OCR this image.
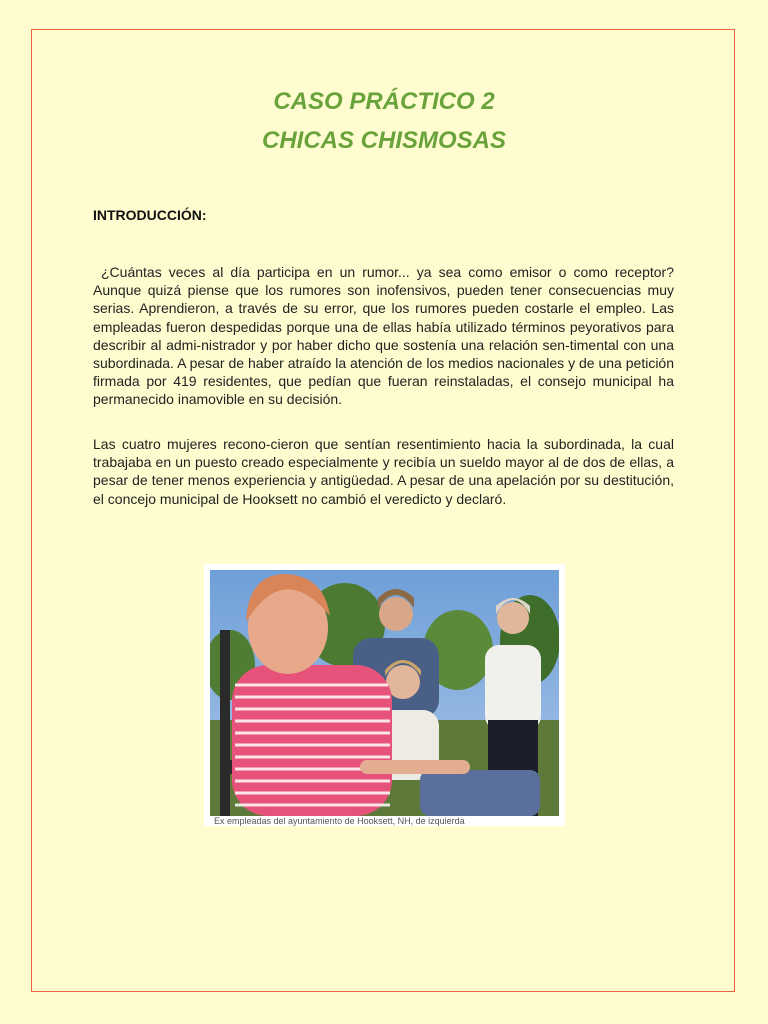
CASO PRÁCTICO 2
CHICAS CHISMOSAS

INTRODUCCIÓN:

¿Cuántas veces al día participa en un rumor... ya sea como emisor o como receptor? Aunque quizá piense que los rumores son inofensivos, pueden tener consecuencias muy serias. Aprendieron, a través de su error, que los rumores pueden costarle el empleo. Las empleadas fueron despedidas porque una de ellas había utilizado términos peyorativos para describir al admi-nistrador y por haber dicho que sostenía una relación sen-timental con una subordinada. A pesar de haber atraído la atención de los medios nacionales y de una petición firmada por 419 residentes, que pedían que fueran reinstaladas, el consejo municipal ha permanecido inamovible en su decisión.

Las cuatro mujeres recono-cieron que sentían resentimiento hacia la subordinada, la cual trabajaba en un puesto creado especialmente y recibía un sueldo mayor al de dos de ellas, a pesar de tener menos experiencia y antigüedad. A pesar de una apelación por su destitución, el concejo municipal de Hooksett no cambió el veredicto y declaró.

Ex empleadas del ayuntamiento de Hooksett, NH, de izquierda
